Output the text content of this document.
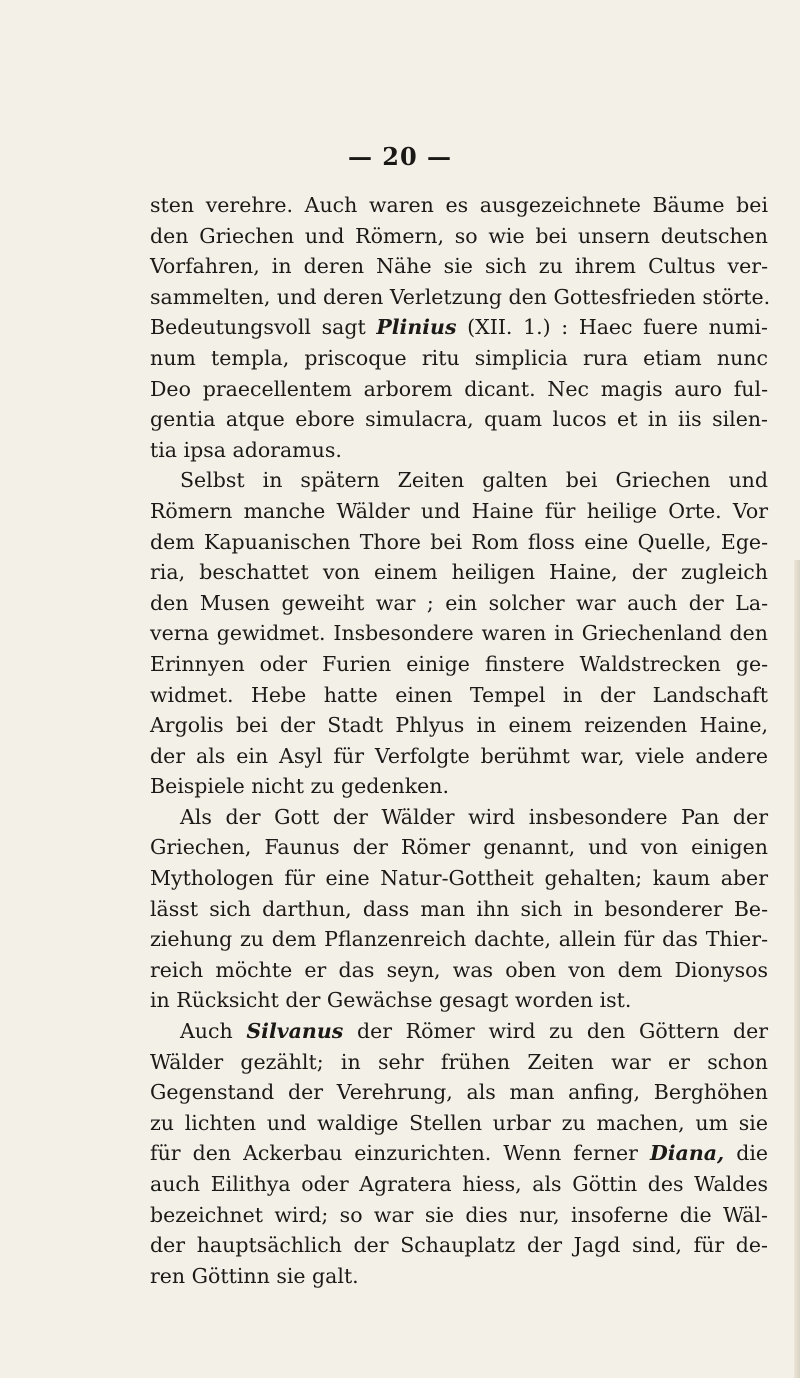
— 20 —
sten verehre. Auch waren es ausgezeichnete Bäume bei
den Griechen und Römern, so wie bei unsern deutschen
Vorfahren, in deren Nähe sie sich zu ihrem Cultus ver-
sammelten, und deren Verletzung den Gottesfrieden störte.
Bedeutungsvoll sagt Plinius (XII. 1.) : Haec fuere numi-
num templa, priscoque ritu simplicia rura etiam nunc
Deo praecellentem arborem dicant. Nec magis auro ful-
gentia atque ebore simulacra, quam lucos et in iis silen-
tia ipsa adoramus.
Selbst in spätern Zeiten galten bei Griechen und
Römern manche Wälder und Haine für heilige Orte. Vor
dem Kapuanischen Thore bei Rom floss eine Quelle, Ege-
ria, beschattet von einem heiligen Haine, der zugleich
den Musen geweiht war ; ein solcher war auch der La-
verna gewidmet. Insbesondere waren in Griechenland den
Erinnyen oder Furien einige finstere Waldstrecken ge-
widmet. Hebe hatte einen Tempel in der Landschaft
Argolis bei der Stadt Phlyus in einem reizenden Haine,
der als ein Asyl für Verfolgte berühmt war, viele andere
Beispiele nicht zu gedenken.
Als der Gott der Wälder wird insbesondere Pan der
Griechen, Faunus der Römer genannt, und von einigen
Mythologen für eine Natur-Gottheit gehalten; kaum aber
lässt sich darthun, dass man ihn sich in besonderer Be-
ziehung zu dem Pflanzenreich dachte, allein für das Thier-
reich möchte er das seyn, was oben von dem Dionysos
in Rücksicht der Gewächse gesagt worden ist.
Auch Silvanus der Römer wird zu den Göttern der
Wälder gezählt; in sehr frühen Zeiten war er schon
Gegenstand der Verehrung, als man anfing, Berghöhen
zu lichten und waldige Stellen urbar zu machen, um sie
für den Ackerbau einzurichten. Wenn ferner Diana, die
auch Eilithya oder Agratera hiess, als Göttin des Waldes
bezeichnet wird; so war sie dies nur, insoferne die Wäl-
der hauptsächlich der Schauplatz der Jagd sind, für de-
ren Göttinn sie galt.
